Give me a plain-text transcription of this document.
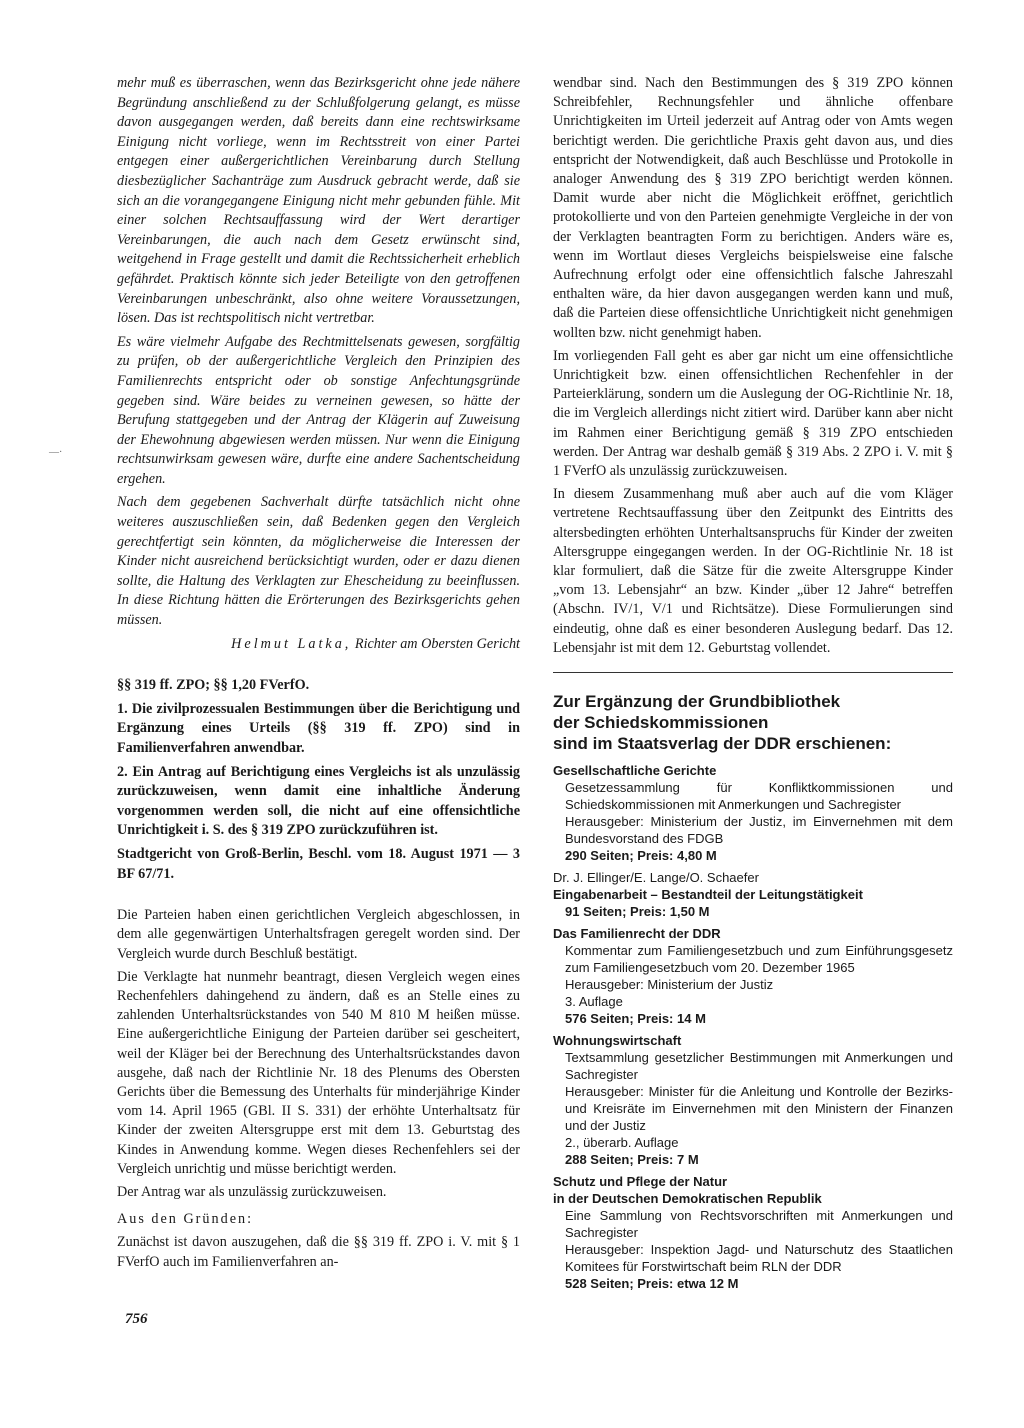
—·

mehr muß es überraschen, wenn das Bezirksgericht ohne jede nähere Begründung anschließend zu der Schlußfolgerung gelangt, es müsse davon ausgegangen werden, daß bereits dann eine rechtswirksame Einigung nicht vorliege, wenn im Rechtsstreit von einer Partei entgegen einer außergerichtlichen Vereinbarung durch Stellung diesbezüglicher Sachanträge zum Ausdruck gebracht werde, daß sie sich an die vorangegangene Einigung nicht mehr gebunden fühle. Mit einer solchen Rechtsauffassung wird der Wert derartiger Vereinbarungen, die auch nach dem Gesetz erwünscht sind, weitgehend in Frage gestellt und damit die Rechtssicherheit erheblich gefährdet. Praktisch könnte sich jeder Beteiligte von den getroffenen Vereinbarungen unbeschränkt, also ohne weitere Voraussetzungen, lösen. Das ist rechtspolitisch nicht vertretbar.

Es wäre vielmehr Aufgabe des Rechtmittelsenats gewesen, sorgfältig zu prüfen, ob der außergerichtliche Vergleich den Prinzipien des Familienrechts entspricht oder ob sonstige Anfechtungsgründe gegeben sind. Wäre beides zu verneinen gewesen, so hätte der Berufung stattgegeben und der Antrag der Klägerin auf Zuweisung der Ehewohnung abgewiesen werden müssen. Nur wenn die Einigung rechtsunwirksam gewesen wäre, durfte eine andere Sachentscheidung ergehen.

Nach dem gegebenen Sachverhalt dürfte tatsächlich nicht ohne weiteres auszuschließen sein, daß Bedenken gegen den Vergleich gerechtfertigt sein könnten, da möglicherweise die Interessen der Kinder nicht ausreichend berücksichtigt wurden, oder er dazu dienen sollte, die Haltung des Verklagten zur Ehescheidung zu beeinflussen. In diese Richtung hätten die Erörterungen des Bezirksgerichts gehen müssen.

Helmut Latka, Richter am Obersten Gericht

§§ 319 ff. ZPO; §§ 1,20 FVerfO.

1. Die zivilprozessualen Bestimmungen über die Berichtigung und Ergänzung eines Urteils (§§ 319 ff. ZPO) sind in Familienverfahren anwendbar.

2. Ein Antrag auf Berichtigung eines Vergleichs ist als unzulässig zurückzuweisen, wenn damit eine inhaltliche Änderung vorgenommen werden soll, die nicht auf eine offensichtliche Unrichtigkeit i. S. des § 319 ZPO zurückzuführen ist.

Stadtgericht von Groß-Berlin, Beschl. vom 18. August 1971 — 3 BF 67/71.

Die Parteien haben einen gerichtlichen Vergleich abgeschlossen, in dem alle gegenwärtigen Unterhaltsfragen geregelt worden sind. Der Vergleich wurde durch Beschluß bestätigt.

Die Verklagte hat nunmehr beantragt, diesen Vergleich wegen eines Rechenfehlers dahingehend zu ändern, daß es an Stelle eines zu zahlenden Unterhaltsrückstandes von 540 M 810 M heißen müsse. Eine außergerichtliche Einigung der Parteien darüber sei gescheitert, weil der Kläger bei der Berechnung des Unterhaltsrückstandes davon ausgehe, daß nach der Richtlinie Nr. 18 des Plenums des Obersten Gerichts über die Bemessung des Unterhalts für minderjährige Kinder vom 14. April 1965 (GBl. II S. 331) der erhöhte Unterhaltsatz für Kinder der zweiten Altersgruppe erst mit dem 13. Geburtstag des Kindes in Anwendung komme. Wegen dieses Rechenfehlers sei der Vergleich unrichtig und müsse berichtigt werden.

Der Antrag war als unzulässig zurückzuweisen.

Aus den Gründen:

Zunächst ist davon auszugehen, daß die §§ 319 ff. ZPO i. V. mit § 1 FVerfO auch im Familienverfahren an-

756

wendbar sind. Nach den Bestimmungen des § 319 ZPO können Schreibfehler, Rechnungsfehler und ähnliche offenbare Unrichtigkeiten im Urteil jederzeit auf Antrag oder von Amts wegen berichtigt werden. Die gerichtliche Praxis geht davon aus, und dies entspricht der Notwendigkeit, daß auch Beschlüsse und Protokolle in analoger Anwendung des § 319 ZPO berichtigt werden können. Damit wurde aber nicht die Möglichkeit eröffnet, gerichtlich protokollierte und von den Parteien genehmigte Vergleiche in der von der Verklagten beantragten Form zu berichtigen. Anders wäre es, wenn im Wortlaut dieses Vergleichs beispielsweise eine falsche Aufrechnung erfolgt oder eine offensichtlich falsche Jahreszahl enthalten wäre, da hier davon ausgegangen werden kann und muß, daß die Parteien diese offensichtliche Unrichtigkeit nicht genehmigen wollten bzw. nicht genehmigt haben.

Im vorliegenden Fall geht es aber gar nicht um eine offensichtliche Unrichtigkeit bzw. einen offensichtlichen Rechenfehler in der Parteierklärung, sondern um die Auslegung der OG-Richtlinie Nr. 18, die im Vergleich allerdings nicht zitiert wird. Darüber kann aber nicht im Rahmen einer Berichtigung gemäß § 319 ZPO entschieden werden. Der Antrag war deshalb gemäß § 319 Abs. 2 ZPO i. V. mit § 1 FVerfO als unzulässig zurückzuweisen.

In diesem Zusammenhang muß aber auch auf die vom Kläger vertretene Rechtsauffassung über den Zeitpunkt des Eintritts des altersbedingten erhöhten Unterhaltsanspruchs für Kinder der zweiten Altersgruppe eingegangen werden. In der OG-Richtlinie Nr. 18 ist klar formuliert, daß die Sätze für die zweite Altersgruppe Kinder „vom 13. Lebensjahr“ an bzw. Kinder „über 12 Jahre“ betreffen (Abschn. IV/1, V/1 und Richtsätze). Diese Formulierungen sind eindeutig, ohne daß es einer besonderen Auslegung bedarf. Das 12. Lebensjahr ist mit dem 12. Geburtstag vollendet.

Zur Ergänzung der Grundbibliothek
der Schiedskommissionen
sind im Staatsverlag der DDR erschienen:
Gesellschaftliche Gerichte
Gesetzessammlung für Konfliktkommissionen und Schiedskommissionen mit Anmerkungen und Sachregister
Herausgeber: Ministerium der Justiz, im Einvernehmen mit dem Bundesvorstand des FDGB
290 Seiten; Preis: 4,80 M
Dr. J. Ellinger/E. Lange/O. Schaefer
Eingabenarbeit – Bestandteil der Leitungstätigkeit
91 Seiten; Preis: 1,50 M
Das Familienrecht der DDR
Kommentar zum Familiengesetzbuch und zum Einführungsgesetz zum Familiengesetzbuch vom 20. Dezember 1965
Herausgeber: Ministerium der Justiz
3. Auflage
576 Seiten; Preis: 14 M
Wohnungswirtschaft
Textsammlung gesetzlicher Bestimmungen mit Anmerkungen und Sachregister
Herausgeber: Minister für die Anleitung und Kontrolle der Bezirks- und Kreisräte im Einvernehmen mit den Ministern der Finanzen und der Justiz
2., überarb. Auflage
288 Seiten; Preis: 7 M
Schutz und Pflege der Natur
in der Deutschen Demokratischen Republik
Eine Sammlung von Rechtsvorschriften mit Anmerkungen und Sachregister
Herausgeber: Inspektion Jagd- und Naturschutz des Staatlichen Komitees für Forstwirtschaft beim RLN der DDR
528 Seiten; Preis: etwa 12 M
